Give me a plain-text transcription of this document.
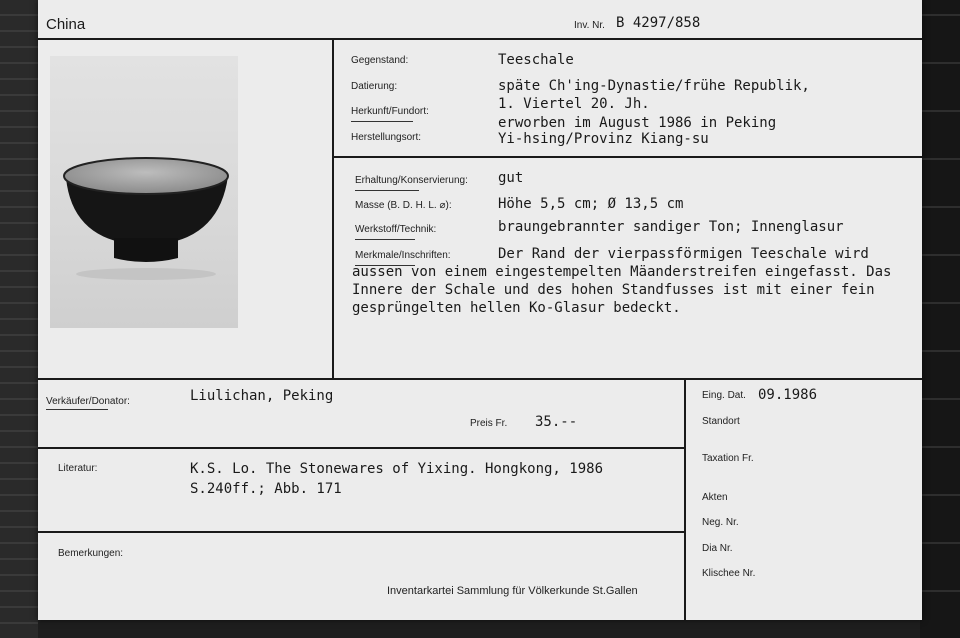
China	Inv. Nr. B 4297/858
Gegenstand:	Teeschale
Datierung:	späte Ch'ing-Dynastie/frühe Republik,
1. Viertel 20. Jh.
Herkunft/Fundort:
erworben im August 1986 in Peking
Herstellungsort:	Yi-hsing/Provinz Kiang-su
Erhaltung/Konservierung: gut
Masse (B. D. H. L. ⌀):	Höhe 5,5 cm; Ø 13,5 cm
Werkstoff/Technik:	braungebrannter sandiger Ton; Innenglasur
Merkmale/Inschriften:	Der Rand der vierpassförmigen Teeschale wird aussen von einem eingestempelten Mäanderstreifen eingefasst. Das Innere der Schale und des hohen Standfusses ist mit einer fein gesprüngelten hellen Ko-Glasur bedeckt.
Verkäufer/Donator:	Liulichan, Peking
Preis Fr. 35.--
Literatur:	K.S. Lo. The Stonewares of Yixing. Hongkong, 1986
S.240ff.; Abb. 171
Bemerkungen:
Inventarkartei Sammlung für Völkerkunde St.Gallen
Eing. Dat. 09.1986
Standort
Taxation Fr.
Akten
Neg. Nr.
Dia Nr.
Klischee Nr.
